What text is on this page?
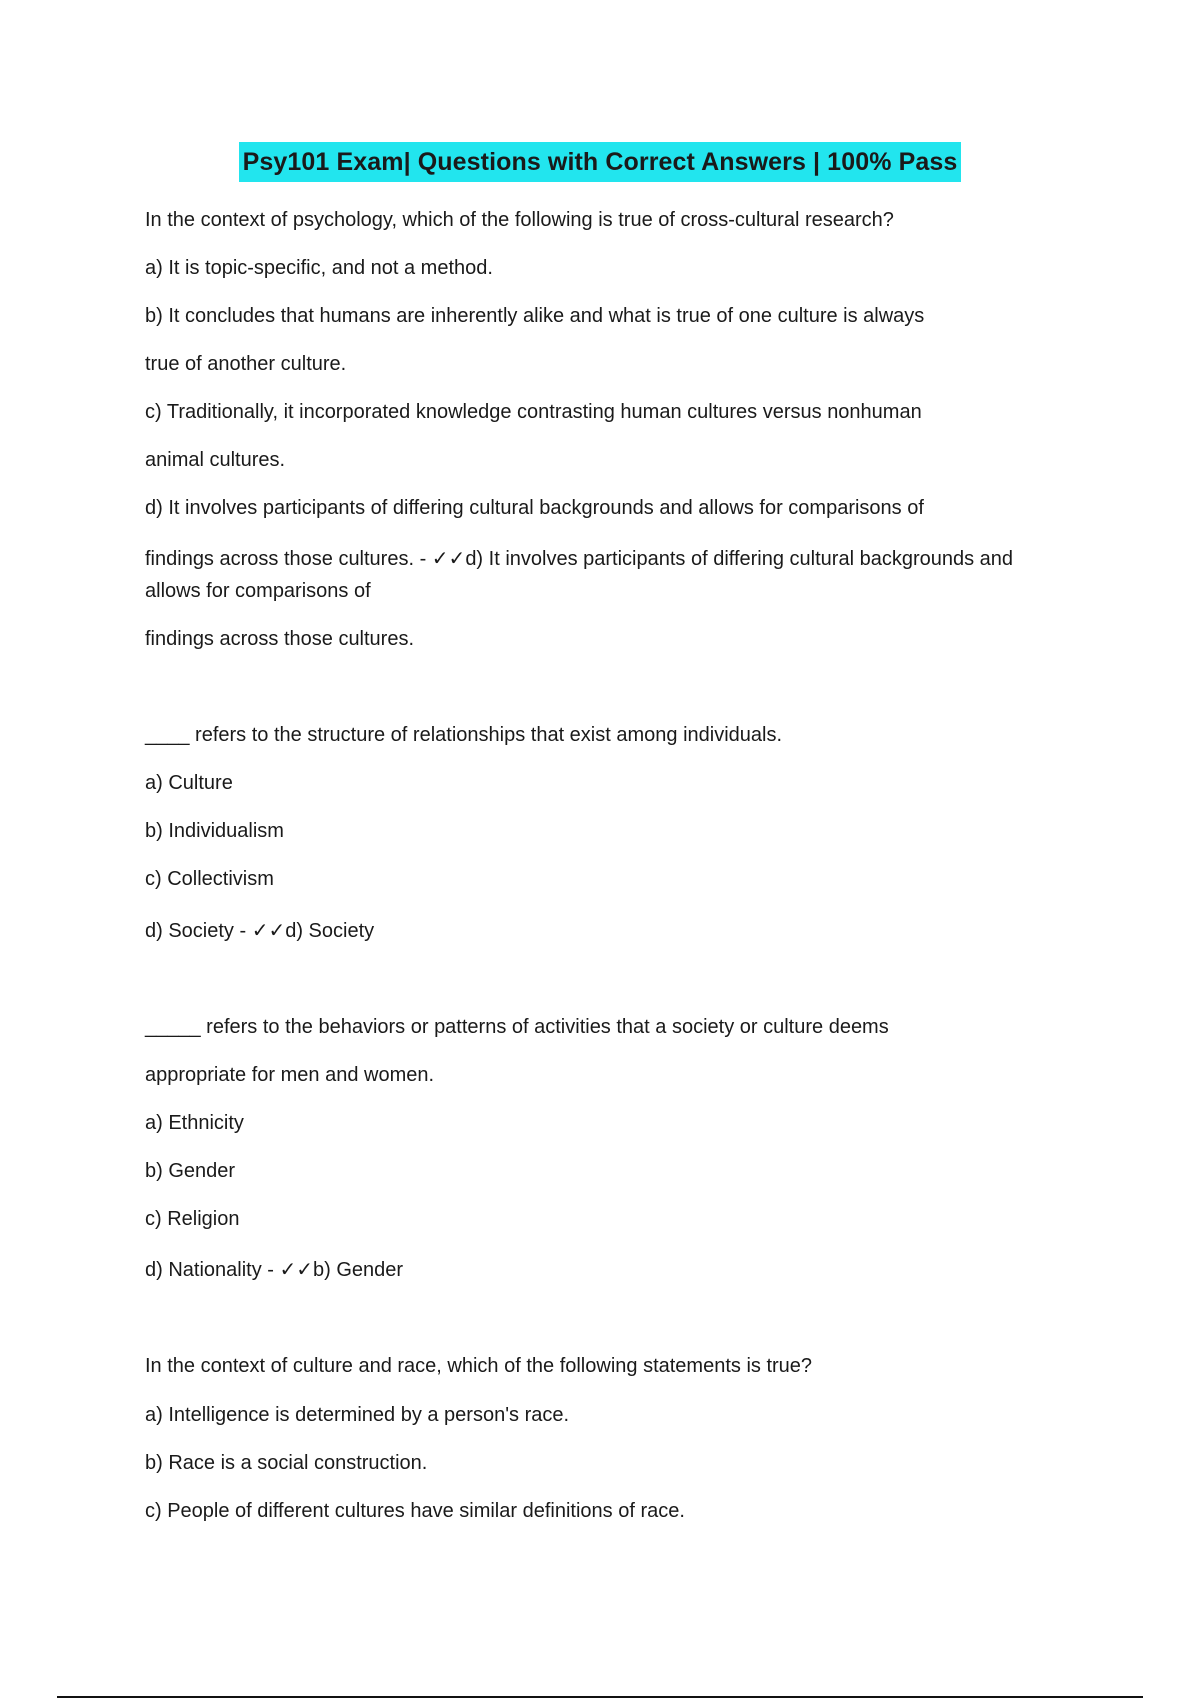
Psy101 Exam| Questions with Correct Answers | 100% Pass
In the context of psychology, which of the following is true of cross-cultural research?
a) It is topic-specific, and not a method.
b) It concludes that humans are inherently alike and what is true of one culture is always
true of another culture.
c) Traditionally, it incorporated knowledge contrasting human cultures versus nonhuman
animal cultures.
d) It involves participants of differing cultural backgrounds and allows for comparisons of
findings across those cultures. - ✓✓d) It involves participants of differing cultural backgrounds and allows for comparisons of
findings across those cultures.
____ refers to the structure of relationships that exist among individuals.
a) Culture
b) Individualism
c) Collectivism
d) Society - ✓✓d) Society
_____ refers to the behaviors or patterns of activities that a society or culture deems
appropriate for men and women.
a) Ethnicity
b) Gender
c) Religion
d) Nationality - ✓✓b) Gender
In the context of culture and race, which of the following statements is true?
a) Intelligence is determined by a person's race.
b) Race is a social construction.
c) People of different cultures have similar definitions of race.
